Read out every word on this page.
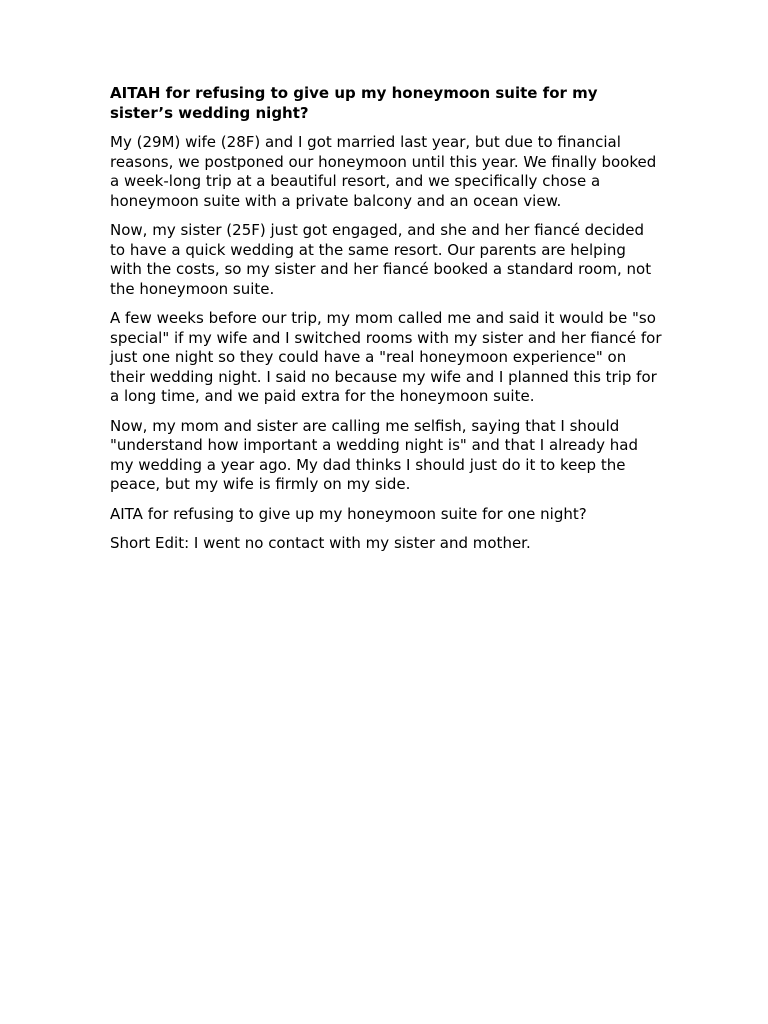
AITAH for refusing to give up my honeymoon suite for my sister’s wedding night?

My (29M) wife (28F) and I got married last year, but due to financial reasons, we postponed our honeymoon until this year. We finally booked a week-long trip at a beautiful resort, and we specifically chose a honeymoon suite with a private balcony and an ocean view.

Now, my sister (25F) just got engaged, and she and her fiancé decided to have a quick wedding at the same resort. Our parents are helping with the costs, so my sister and her fiancé booked a standard room, not the honeymoon suite.

A few weeks before our trip, my mom called me and said it would be "so special" if my wife and I switched rooms with my sister and her fiancé for just one night so they could have a "real honeymoon experience" on their wedding night. I said no because my wife and I planned this trip for a long time, and we paid extra for the honeymoon suite.

Now, my mom and sister are calling me selfish, saying that I should "understand how important a wedding night is" and that I already had my wedding a year ago. My dad thinks I should just do it to keep the peace, but my wife is firmly on my side.

AITA for refusing to give up my honeymoon suite for one night?

Short Edit: I went no contact with my sister and mother.
